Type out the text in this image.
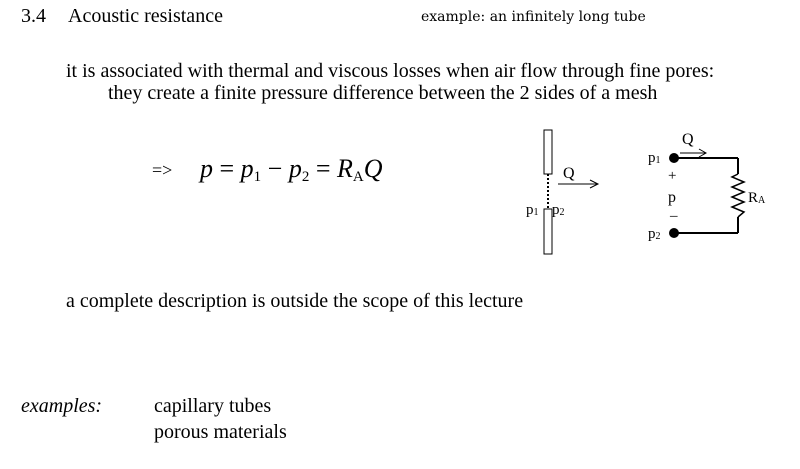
3.4 Acoustic resistance	example: an infinitely long tube
it is associated with thermal and viscous losses when air flow through fine pores:
they create a finite pressure difference between the 2 sides of a mesh
=> $p = p_1 - p_2 = R_AQ$	Q
p1 p2
Q
p1
+
p
–
p2
RA
a complete description is outside the scope of this lecture
examples:	capillary tubes
porous materials
